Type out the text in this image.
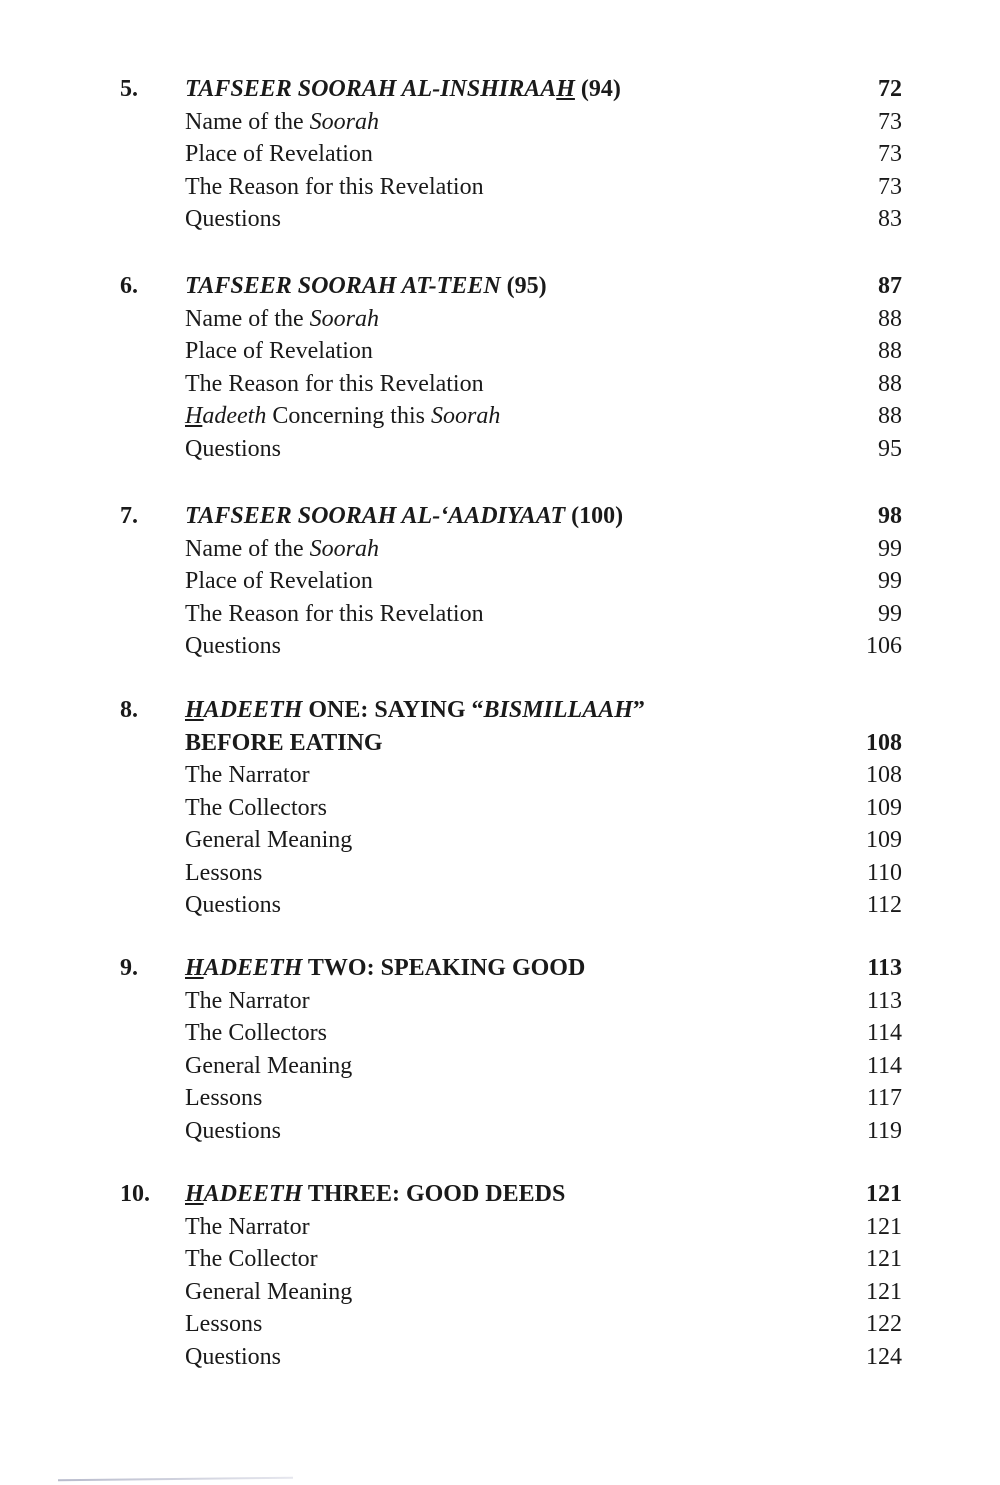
5. TAFSEER SOORAH AL-INSHIRAAH (94)	72
Name of the Soorah	73
Place of Revelation	73
The Reason for this Revelation	73
Questions	83
6. TAFSEER SOORAH AT-TEEN (95)	87
Name of the Soorah	88
Place of Revelation	88
The Reason for this Revelation	88
Hadeeth Concerning this Soorah	88
Questions	95
7. TAFSEER SOORAH AL-‘AADIYAAT (100)	98
Name of the Soorah	99
Place of Revelation	99
The Reason for this Revelation	99
Questions	106
8. HADEETH ONE: SAYING “BISMILLAAH”
BEFORE EATING	108
The Narrator	108
The Collectors	109
General Meaning	109
Lessons	110
Questions	112
9. HADEETH TWO: SPEAKING GOOD	113
The Narrator	113
The Collectors	114
General Meaning	114
Lessons	117
Questions	119
10. HADEETH THREE: GOOD DEEDS	121
The Narrator	121
The Collector	121
General Meaning	121
Lessons	122
Questions	124
